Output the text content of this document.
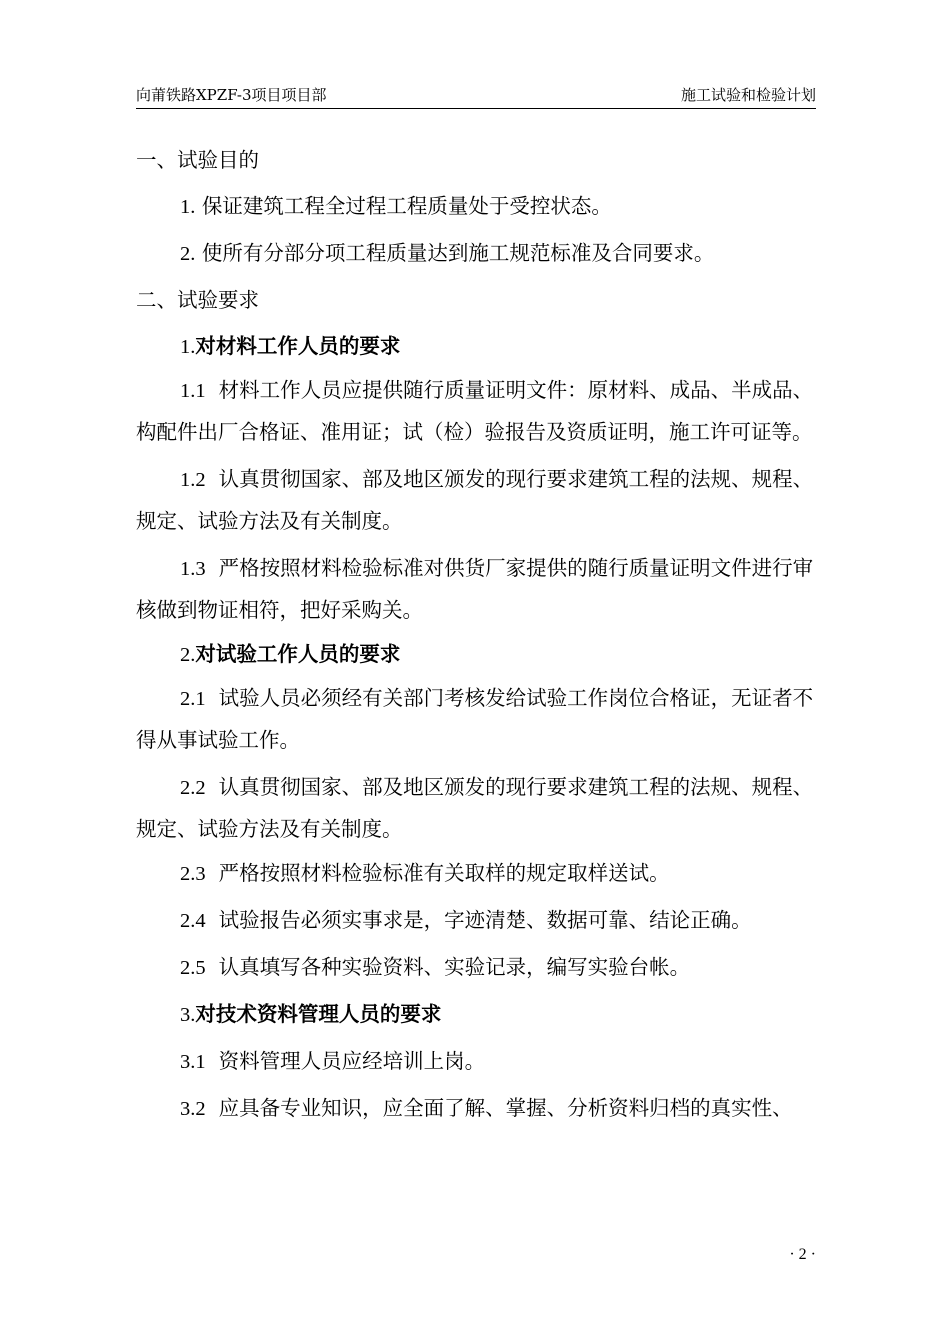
向莆铁路XPZF-3项目项目部	施工试验和检验计划

一、试验目的

1. 保证建筑工程全过程工程质量处于受控状态。

2. 使所有分部分项工程质量达到施工规范标准及合同要求。

二、试验要求

1.对材料工作人员的要求

1.1 材料工作人员应提供随行质量证明文件：原材料、成品、半成品、构配件出厂合格证、准用证；试（检）验报告及资质证明，施工许可证等。

1.2 认真贯彻国家、部及地区颁发的现行要求建筑工程的法规、规程、规定、试验方法及有关制度。

1.3 严格按照材料检验标准对供货厂家提供的随行质量证明文件进行审核做到物证相符，把好采购关。

2.对试验工作人员的要求

2.1 试验人员必须经有关部门考核发给试验工作岗位合格证，无证者不得从事试验工作。

2.2 认真贯彻国家、部及地区颁发的现行要求建筑工程的法规、规程、规定、试验方法及有关制度。

2.3 严格按照材料检验标准有关取样的规定取样送试。

2.4 试验报告必须实事求是，字迹清楚、数据可靠、结论正确。

2.5 认真填写各种实验资料、实验记录，编写实验台帐。

3.对技术资料管理人员的要求

3.1 资料管理人员应经培训上岗。

3.2 应具备专业知识，应全面了解、掌握、分析资料归档的真实性、

· 2 ·
